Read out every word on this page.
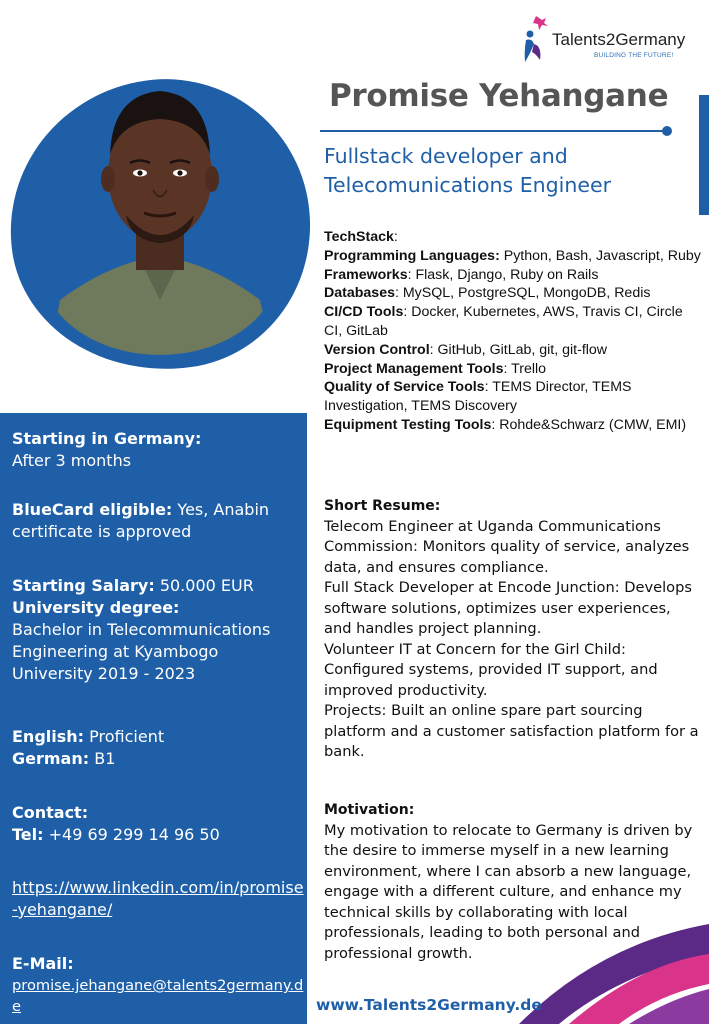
Talents2Germany
BUILDING THE FUTURE!
Promise Yehangane
Fullstack developer and
Telecomunications Engineer
Starting in Germany:
After 3 months
BlueCard eligible: Yes, Anabin certificate is approved
Starting Salary: 50.000 EUR
University degree:
Bachelor in Telecommunications Engineering at Kyambogo University 2019 - 2023
English: Proficient
German: B1
Contact:
Tel: +49 69 299 14 96 50
https://www.linkedin.com/in/promise-yehangane/
E-Mail:
promise.jehangane@talents2germany.de
TechStack:
Programming Languages: Python, Bash, Javascript, Ruby
Frameworks: Flask, Django, Ruby on Rails
Databases: MySQL, PostgreSQL, MongoDB, Redis
CI/CD Tools: Docker, Kubernetes, AWS, Travis CI, Circle CI, GitLab
Version Control: GitHub, GitLab, git, git-flow
Project Management Tools: Trello
Quality of Service Tools: TEMS Director, TEMS Investigation, TEMS Discovery
Equipment Testing Tools: Rohde&Schwarz (CMW, EMI)
Short Resume:
Telecom Engineer at Uganda Communications Commission: Monitors quality of service, analyzes data, and ensures compliance.
Full Stack Developer at Encode Junction: Develops software solutions, optimizes user experiences, and handles project planning.
Volunteer IT at Concern for the Girl Child: Configured systems, provided IT support, and improved productivity.
Projects: Built an online spare part sourcing platform and a customer satisfaction platform for a bank.
Motivation:
My motivation to relocate to Germany is driven by the desire to immerse myself in a new learning environment, where I can absorb a new language, engage with a different culture, and enhance my technical skills by collaborating with local professionals, leading to both personal and professional growth.
www.Talents2Germany.de
